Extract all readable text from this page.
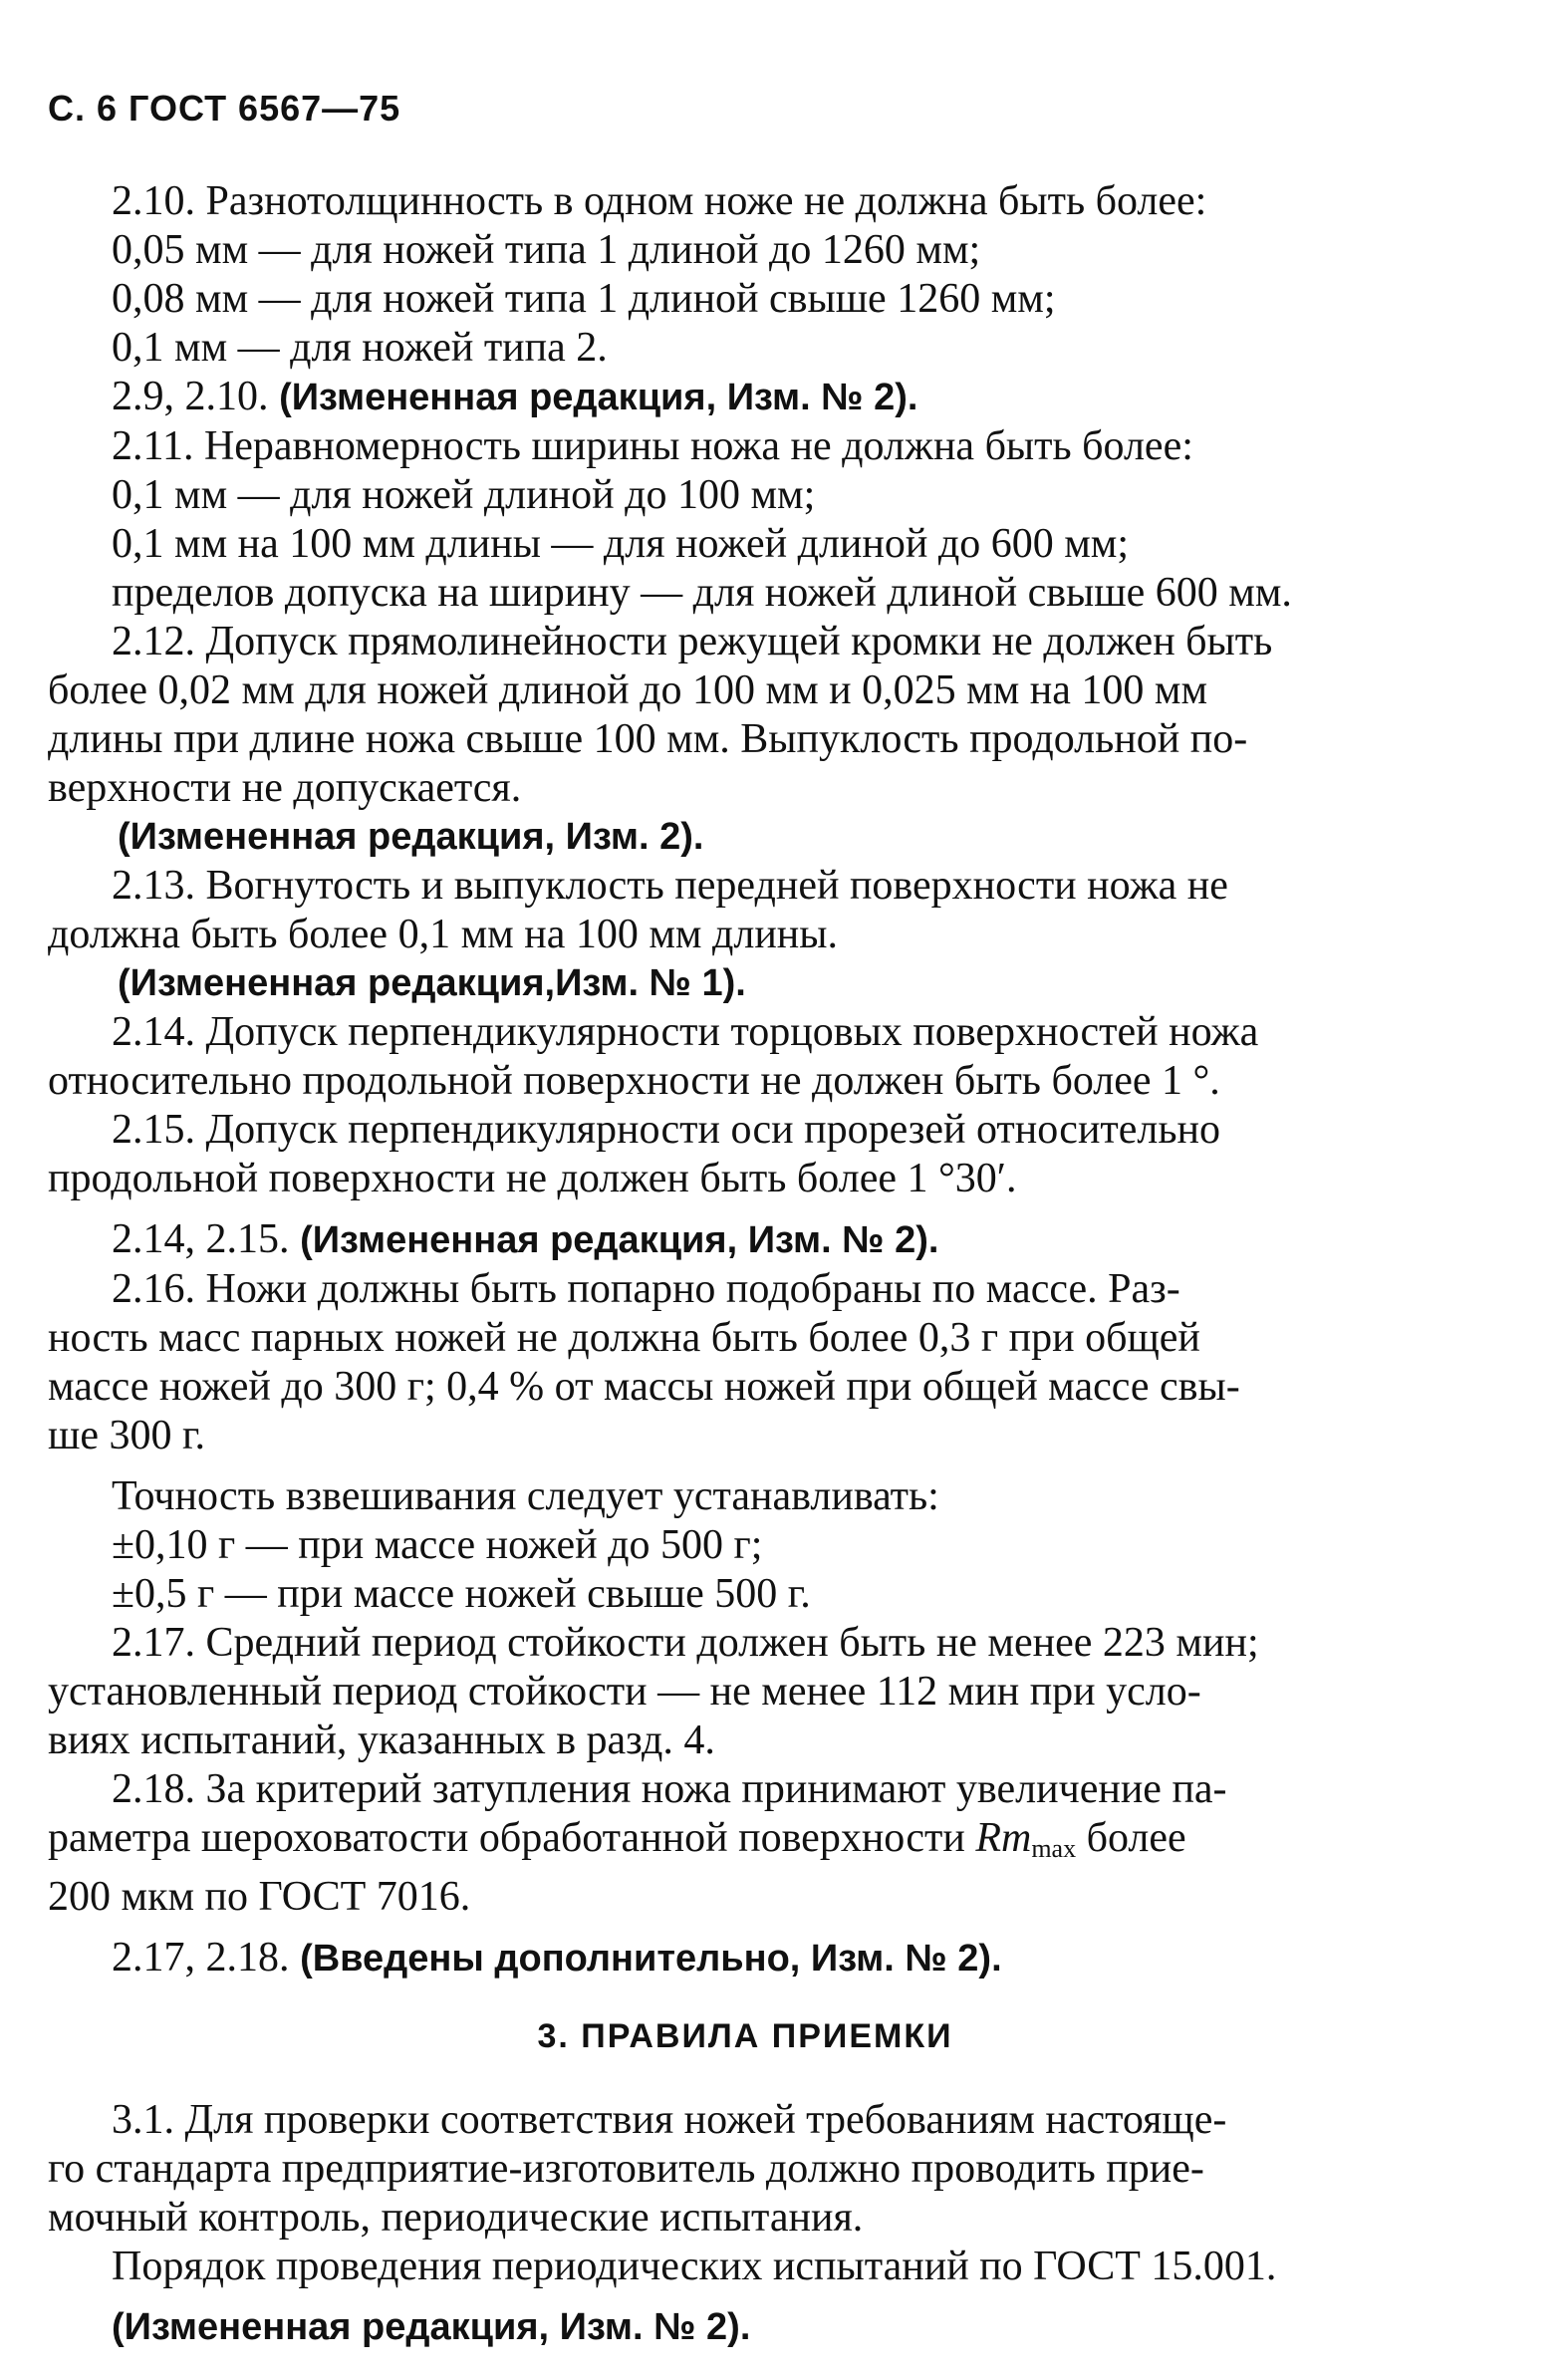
С. 6 ГОСТ 6567—75

2.10. Разнотолщинность в одном ноже не должна быть более:
0,05 мм — для ножей типа 1 длиной до 1260 мм;
0,08 мм — для ножей типа 1 длиной свыше 1260 мм;
0,1 мм — для ножей типа 2.

2.9, 2.10. (Измененная редакция, Изм. № 2).

2.11. Неравномерность ширины ножа не должна быть более:
0,1 мм — для ножей длиной до 100 мм;
0,1 мм на 100 мм длины — для ножей длиной до 600 мм;
пределов допуска на ширину — для ножей длиной свыше 600 мм.

2.12. Допуск прямолинейности режущей кромки не должен быть
более 0,02 мм для ножей длиной до 100 мм и 0,025 мм на 100 мм
длины при длине ножа свыше 100 мм. Выпуклость продольной по-
верхности не допускается.

(Измененная редакция, Изм. 2).

2.13. Вогнутость и выпуклость передней поверхности ножа не
должна быть более 0,1 мм на 100 мм длины.

(Измененная редакция,Изм. № 1).

2.14. Допуск перпендикулярности торцовых поверхностей ножа
относительно продольной поверхности не должен быть более 1 °.

2.15. Допуск перпендикулярности оси прорезей относительно
продольной поверхности не должен быть более 1 °30′.

2.14, 2.15. (Измененная редакция, Изм. № 2).

2.16. Ножи должны быть попарно подобраны по массе. Раз-
ность масс парных ножей не должна быть более 0,3 г при общей
массе ножей до 300 г; 0,4 % от массы ножей при общей массе свы-
ше 300 г.

Точность взвешивания следует устанавливать:
±0,10 г — при массе ножей до 500 г;
±0,5 г — при массе ножей свыше 500 г.

2.17. Средний период стойкости должен быть не менее 223 мин;
установленный период стойкости — не менее 112 мин при усло-
виях испытаний, указанных в разд. 4.

2.18. За критерий затупления ножа принимают увеличение па-
раметра шероховатости обработанной поверхности $Rm_{max}$ более
200 мкм по ГОСТ 7016.

2.17, 2.18. (Введены дополнительно, Изм. № 2).
3. ПРАВИЛА ПРИЕМКИ

3.1. Для проверки соответствия ножей требованиям настояще-
го стандарта предприятие-изготовитель должно проводить прие-
мочный контроль, периодические испытания.
Порядок проведения периодических испытаний по ГОСТ 15.001.

(Измененная редакция, Изм. № 2).
